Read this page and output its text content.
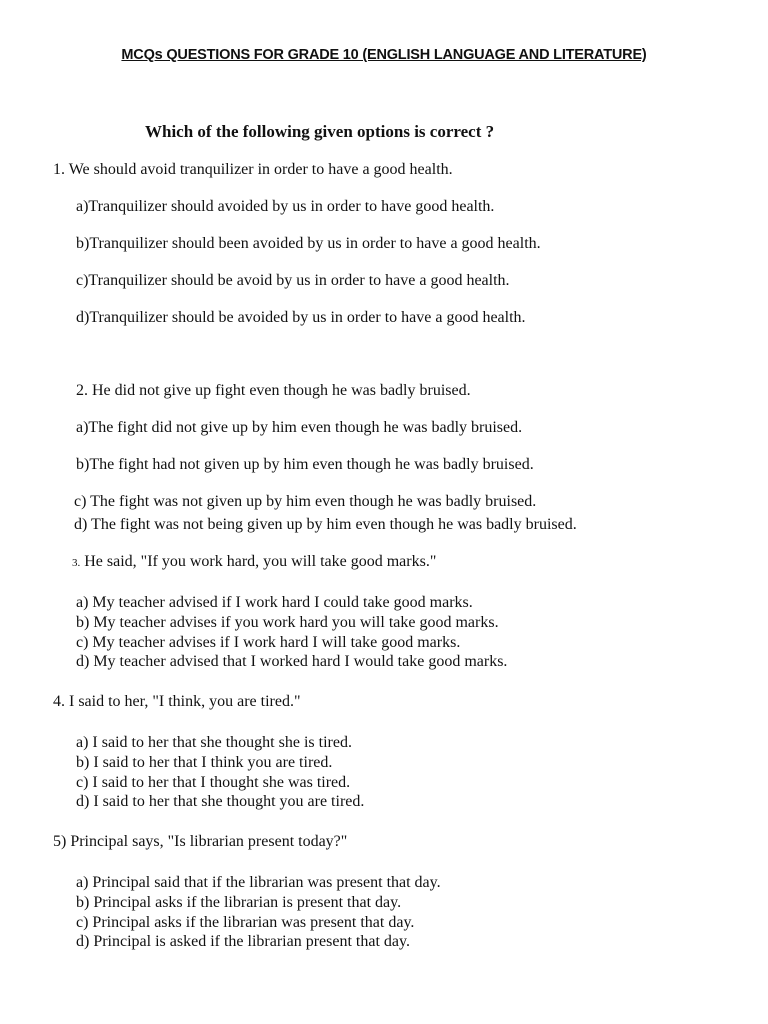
MCQs QUESTIONS FOR GRADE 10 (ENGLISH LANGUAGE AND LITERATURE)
Which of the following given options is correct ?
1. We should avoid tranquilizer in order to have a good health.
a)Tranquilizer should avoided by us in order to have good health.
b)Tranquilizer should been avoided by us in order to have a good health.
c)Tranquilizer should be avoid by us in order to have a good health.
d)Tranquilizer should be avoided by us in order to have a good health.
2. He did not give up fight even though he was badly bruised.
a)The fight did not give up by him even though he was badly bruised.
b)The fight had not given up by him even though he was badly bruised.
c) The fight was not given up by him even though he was badly bruised.
d) The fight was not being given up by him even though he was badly bruised.
3. He said, "If you work hard, you will take good marks."
a) My teacher advised if I work hard I could take good marks.
b) My teacher advises if you work hard you will take good marks.
c) My teacher advises if I work hard I will take good marks.
d) My teacher advised that I worked hard I would take good marks.
4. I said to her, "I think, you are tired."
a) I said to her that she thought she is tired.
b) I said to her that I think you are tired.
c) I said to her that I thought she was tired.
d) I said to her that she thought you are tired.
5) Principal says, "Is librarian present today?"
a) Principal said that if the librarian was present that day.
b) Principal asks if the librarian is present that day.
c) Principal asks if the librarian was present that day.
d) Principal is asked if the librarian present that day.
